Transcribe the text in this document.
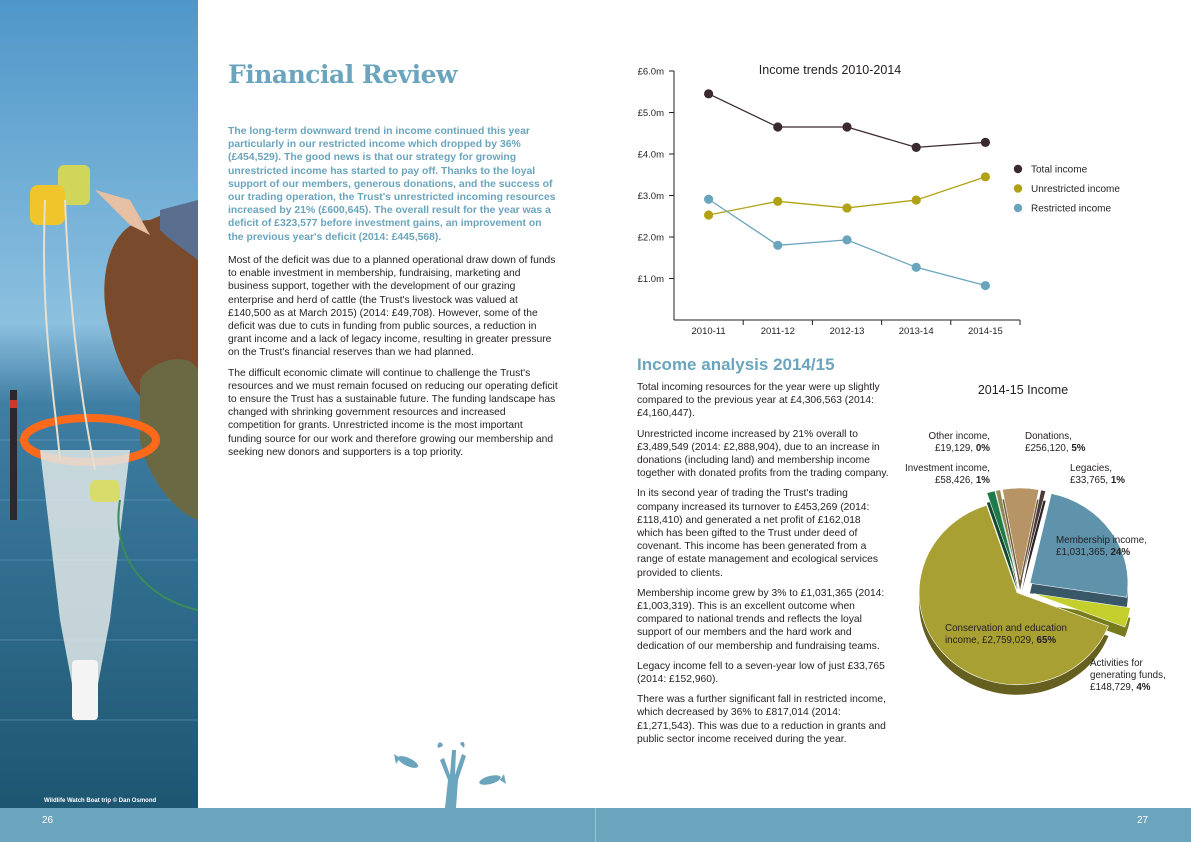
Wildlife Watch Boat trip © Dan Osmond
Financial Review
The long-term downward trend in income continued this year particularly in our restricted income which dropped by 36% (£454,529). The good news is that our strategy for growing unrestricted income has started to pay off. Thanks to the loyal support of our members, generous donations, and the success of our trading operation, the Trust's unrestricted incoming resources increased by 21% (£600,645). The overall result for the year was a deficit of £323,577 before investment gains, an improvement on the previous year's deficit (2014: £445,568).

Most of the deficit was due to a planned operational draw down of funds to enable investment in membership, fundraising, marketing and business support, together with the development of our grazing enterprise and herd of cattle (the Trust's livestock was valued at £140,500 as at March 2015) (2014: £49,708). However, some of the deficit was due to cuts in funding from public sources, a reduction in grant income and a lack of legacy income, resulting in greater pressure on the Trust's financial reserves than we had planned.

The difficult economic climate will continue to challenge the Trust's resources and we must remain focused on reducing our operating deficit to ensure the Trust has a sustainable future. The funding landscape has changed with shrinking government resources and increased competition for grants. Unrestricted income is the most important funding source for our work and therefore growing our membership and seeking new donors and supporters is a top priority.

Income trends 2010-2014
£1.0m
£2.0m
£3.0m
£4.0m
£5.0m
£6.0m
2010-11	2011-12	2012-13	2013-14	2014-15
Total income
Unrestricted income
Restricted income
Income analysis 2014/15

Total incoming resources for the year were up slightly compared to the previous year at £4,306,563 (2014: £4,160,447).

Unrestricted income increased by 21% overall to £3,489,549 (2014: £2,888,904), due to an increase in donations (including land) and membership income together with donated profits from the trading company.

In its second year of trading the Trust's trading company increased its turnover to £453,269 (2014: £118,410) and generated a net profit of £162,018 which has been gifted to the Trust under deed of covenant. This income has been generated from a range of estate management and ecological services provided to clients.

Membership income grew by 3% to £1,031,365 (2014: £1,003,319). This is an excellent outcome when compared to national trends and reflects the loyal support of our members and the hard work and dedication of our membership and fundraising teams.

Legacy income fell to a seven-year low of just £33,765 (2014: £152,960).

There was a further significant fall in restricted income, which decreased by 36% to £817,014 (2014: £1,271,543). This was due to a reduction in grants and public sector income received during the year.

2014-15 Income
Membership income, £1,031,365, 24%
Activities for generating funds, £148,729, 4%
Conservation and education income, £2,759,029, 65%
Investment income, £58,426, 1%
Other income, £19,129, 0%
Donations, £256,120, 5%
Legacies, £33,765, 1%
26	27
